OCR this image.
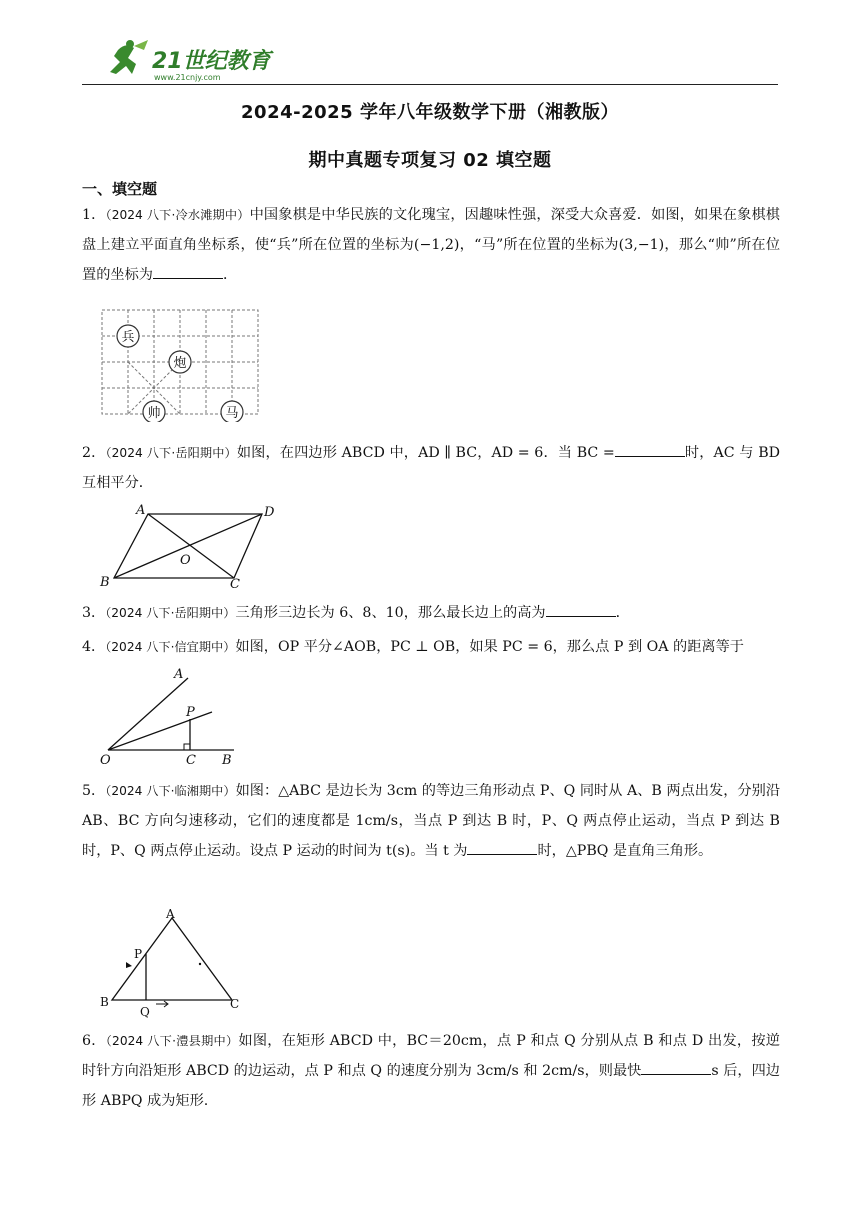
21世纪教育
www.21cnjy.com
2024-2025 学年八年级数学下册（湘教版）
期中真题专项复习 02 填空题
一、填空题
1．（2024 八下·冷水滩期中）中国象棋是中华民族的文化瑰宝，因趣味性强，深受大众喜爱．如图，如果在象棋棋盘上建立平面直角坐标系，使“兵”所在位置的坐标为(−1,2)，“马”所在位置的坐标为(3,−1)，那么“帅”所在位置的坐标为	．
兵
炮
帅	马
2．（2024 八下·岳阳期中）如图，在四边形 ABCD 中，AD ∥ BC，AD = 6．当 BC =	时，AC 与 BD 互相平分．
A
B	C
D
O
3．（2024 八下·岳阳期中）三角形三边长为 6、8、10，那么最长边上的高为	．
4．（2024 八下·信宜期中）如图，OP 平分∠AOB，PC ⊥ OB，如果 PC = 6，那么点 P 到 OA 的距离等于
A
P
O	C B
5．（2024 八下·临湘期中）如图：△ABC 是边长为 3cm 的等边三角形动点 P、Q 同时从 A、B 两点出发，分别沿 AB、BC 方向匀速移动，它们的速度都是 1cm/s，当点 P 到达 B 时，P、Q 两点停止运动，当点 P 到达 B 时，P、Q 两点停止运动。设点 P 运动的时间为 t(s)。当 t 为	时，△PBQ 是直角三角形。
A
P
B
Q
C
6．（2024 八下·澧县期中）如图，在矩形 ABCD 中，BC＝20cm，点 P 和点 Q 分别从点 B 和点 D 出发，按逆时针方向沿矩形 ABCD 的边运动，点 P 和点 Q 的速度分别为 3cm/s 和 2cm/s，则最快	s 后，四边形 ABPQ 成为矩形.
